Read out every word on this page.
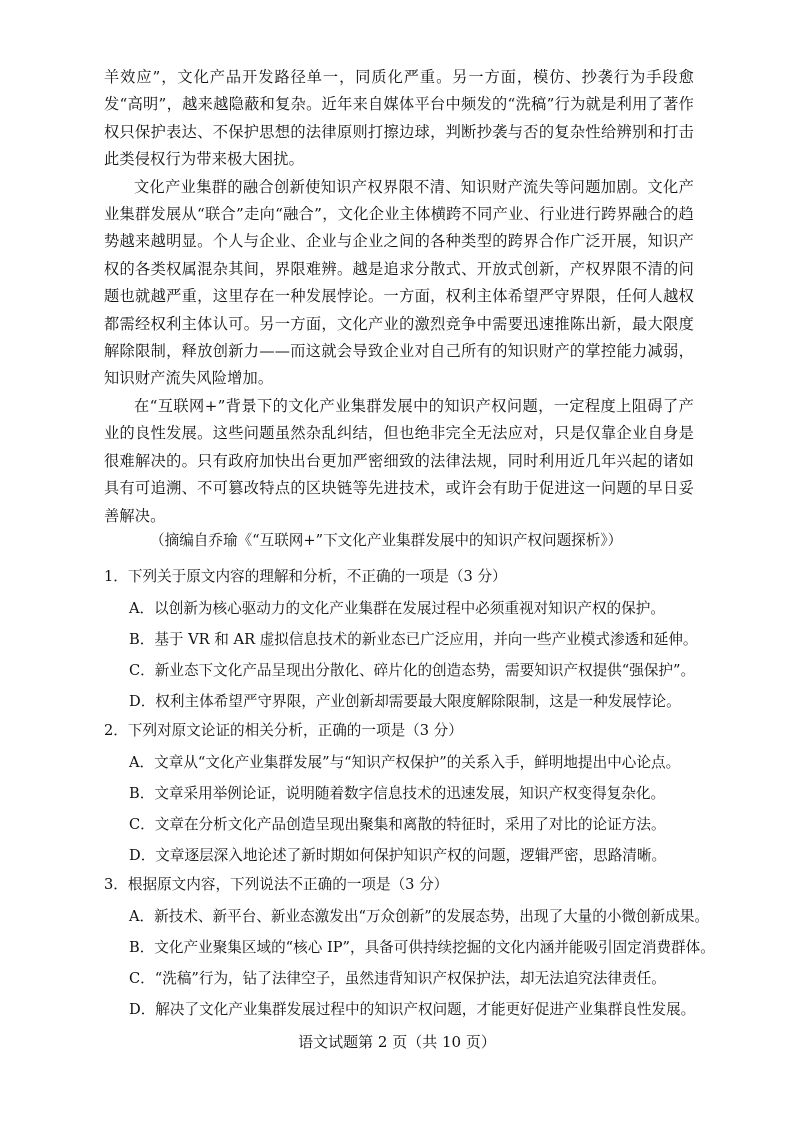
羊效应”，文化产品开发路径单一，同质化严重。另一方面，模仿、抄袭行为手段愈发“高明”，越来越隐蔽和复杂。近年来自媒体平台中频发的“洗稿”行为就是利用了著作权只保护表达、不保护思想的法律原则打擦边球，判断抄袭与否的复杂性给辨别和打击此类侵权行为带来极大困扰。

文化产业集群的融合创新使知识产权界限不清、知识财产流失等问题加剧。文化产业集群发展从“联合”走向“融合”，文化企业主体横跨不同产业、行业进行跨界融合的趋势越来越明显。个人与企业、企业与企业之间的各种类型的跨界合作广泛开展，知识产权的各类权属混杂其间，界限难辨。越是追求分散式、开放式创新，产权界限不清的问题也就越严重，这里存在一种发展悖论。一方面，权利主体希望严守界限，任何人越权都需经权利主体认可。另一方面，文化产业的激烈竞争中需要迅速推陈出新，最大限度解除限制，释放创新力——而这就会导致企业对自己所有的知识财产的掌控能力减弱，知识财产流失风险增加。

在“互联网+”背景下的文化产业集群发展中的知识产权问题，一定程度上阻碍了产业的良性发展。这些问题虽然杂乱纠结，但也绝非完全无法应对，只是仅靠企业自身是很难解决的。只有政府加快出台更加严密细致的法律法规，同时利用近几年兴起的诸如具有可追溯、不可篡改特点的区块链等先进技术，或许会有助于促进这一问题的早日妥善解决。

（摘编自乔瑜《“互联网+”下文化产业集群发展中的知识产权问题探析》）
1．下列关于原文内容的理解和分析，不正确的一项是（3 分）
A．以创新为核心驱动力的文化产业集群在发展过程中必须重视对知识产权的保护。
B．基于 VR 和 AR 虚拟信息技术的新业态已广泛应用，并向一些产业模式渗透和延伸。
C．新业态下文化产品呈现出分散化、碎片化的创造态势，需要知识产权提供“强保护”。
D．权利主体希望严守界限，产业创新却需要最大限度解除限制，这是一种发展悖论。
2．下列对原文论证的相关分析，正确的一项是（3 分）
A．文章从“文化产业集群发展”与“知识产权保护”的关系入手，鲜明地提出中心论点。
B．文章采用举例论证，说明随着数字信息技术的迅速发展，知识产权变得复杂化。
C．文章在分析文化产品创造呈现出聚集和离散的特征时，采用了对比的论证方法。
D．文章逐层深入地论述了新时期如何保护知识产权的问题，逻辑严密，思路清晰。
3．根据原文内容，下列说法不正确的一项是（3 分）
A．新技术、新平台、新业态激发出“万众创新”的发展态势，出现了大量的小微创新成果。
B．文化产业聚集区域的“核心 IP”，具备可供持续挖掘的文化内涵并能吸引固定消费群体。
C．“洗稿”行为，钻了法律空子，虽然违背知识产权保护法，却无法追究法律责任。
D．解决了文化产业集群发展过程中的知识产权问题，才能更好促进产业集群良性发展。
语文试题第 2 页（共 10 页）
